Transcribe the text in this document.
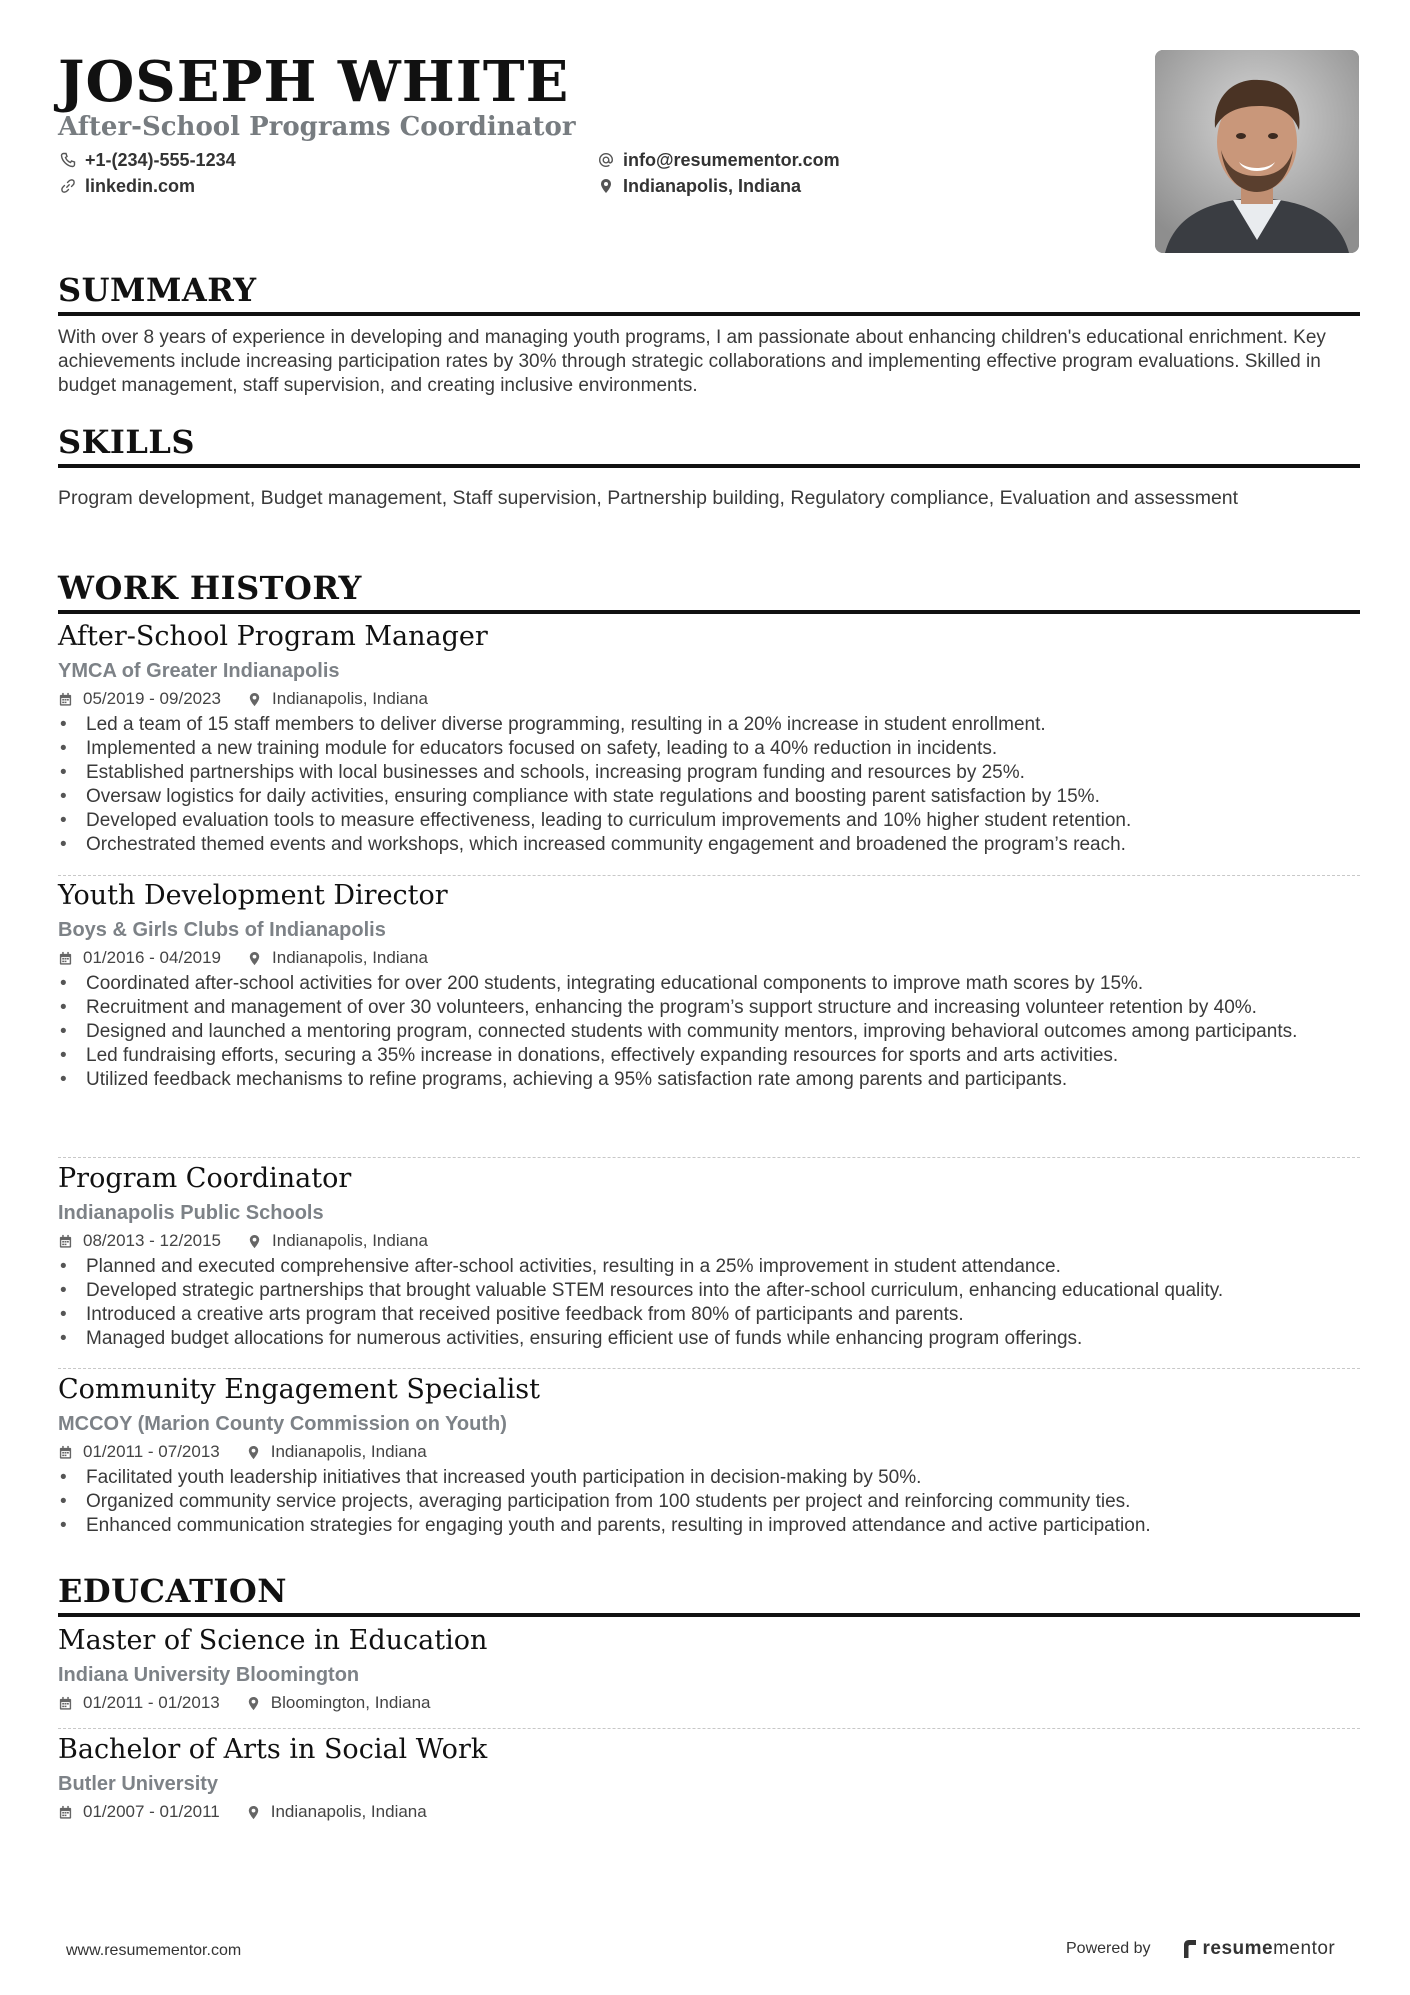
JOSEPH WHITE
After-School Programs Coordinator
+1-(234)-555-1234	info@resumementor.com
linkedin.com	Indianapolis, Indiana
SUMMARY
With over 8 years of experience in developing and managing youth programs, I am passionate about enhancing children's educational enrichment. Key achievements include increasing participation rates by 30% through strategic collaborations and implementing effective program evaluations. Skilled in budget management, staff supervision, and creating inclusive environments.
SKILLS
Program development, Budget management, Staff supervision, Partnership building, Regulatory compliance, Evaluation and assessment
WORK HISTORY
After-School Program Manager
YMCA of Greater Indianapolis
05/2019 - 09/2023	Indianapolis, Indiana
• Led a team of 15 staff members to deliver diverse programming, resulting in a 20% increase in student enrollment.
• Implemented a new training module for educators focused on safety, leading to a 40% reduction in incidents.
• Established partnerships with local businesses and schools, increasing program funding and resources by 25%.
• Oversaw logistics for daily activities, ensuring compliance with state regulations and boosting parent satisfaction by 15%.
• Developed evaluation tools to measure effectiveness, leading to curriculum improvements and 10% higher student retention.
• Orchestrated themed events and workshops, which increased community engagement and broadened the program’s reach.
Youth Development Director
Boys & Girls Clubs of Indianapolis
01/2016 - 04/2019	Indianapolis, Indiana
• Coordinated after-school activities for over 200 students, integrating educational components to improve math scores by 15%.
• Recruitment and management of over 30 volunteers, enhancing the program’s support structure and increasing volunteer retention by 40%.
• Designed and launched a mentoring program, connected students with community mentors, improving behavioral outcomes among participants.
• Led fundraising efforts, securing a 35% increase in donations, effectively expanding resources for sports and arts activities.
• Utilized feedback mechanisms to refine programs, achieving a 95% satisfaction rate among parents and participants.
Program Coordinator
Indianapolis Public Schools
08/2013 - 12/2015	Indianapolis, Indiana
• Planned and executed comprehensive after-school activities, resulting in a 25% improvement in student attendance.
• Developed strategic partnerships that brought valuable STEM resources into the after-school curriculum, enhancing educational quality.
• Introduced a creative arts program that received positive feedback from 80% of participants and parents.
• Managed budget allocations for numerous activities, ensuring efficient use of funds while enhancing program offerings.
Community Engagement Specialist
MCCOY (Marion County Commission on Youth)
01/2011 - 07/2013	Indianapolis, Indiana
• Facilitated youth leadership initiatives that increased youth participation in decision-making by 50%.
• Organized community service projects, averaging participation from 100 students per project and reinforcing community ties.
• Enhanced communication strategies for engaging youth and parents, resulting in improved attendance and active participation.
EDUCATION
Master of Science in Education
Indiana University Bloomington
01/2011 - 01/2013	Bloomington, Indiana
Bachelor of Arts in Social Work
Butler University
01/2007 - 01/2011	Indianapolis, Indiana
www.resumementor.com	Powered by	resume mentor
